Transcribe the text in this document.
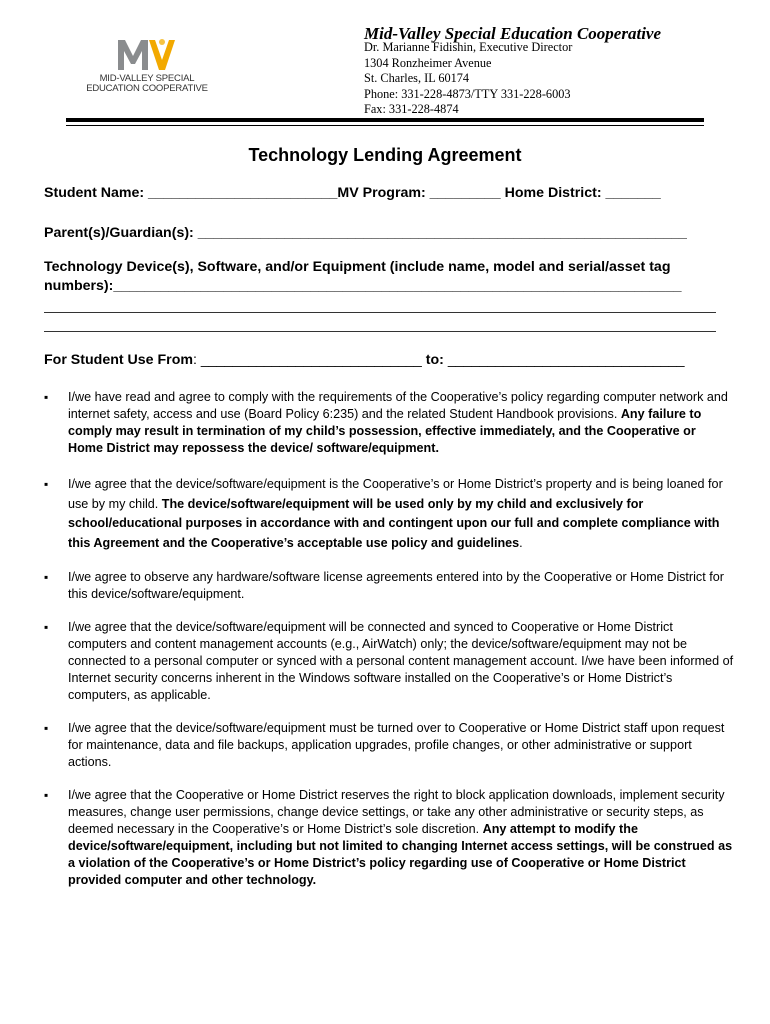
MID-VALLEY SPECIAL
EDUCATION COOPERATIVE
Mid-Valley Special Education Cooperative
Dr. Marianne Fidishin, Executive Director
1304 Ronzheimer Avenue
St. Charles, IL 60174
Phone: 331-228-4873/TTY 331-228-6003
Fax: 331-228-4874
Technology Lending Agreement
Student Name: ________________________MV Program: _________ Home District: _______
Parent(s)/Guardian(s): ______________________________________________________________
Technology Device(s), Software, and/or Equipment (include name, model and serial/asset tag
numbers):________________________________________________________________________
For Student Use From: ____________________________ to: ______________________________
▪ I/we have read and agree to comply with the requirements of the Cooperative’s policy regarding computer network and internet safety, access and use (Board Policy 6:235) and the related Student Handbook provisions. Any failure to comply may result in termination of my child’s possession, effective immediately, and the Cooperative or Home District may repossess the device/ software/equipment.
▪ I/we agree that the device/software/equipment is the Cooperative’s or Home District’s property and is being loaned for use by my child. The device/software/equipment will be used only by my child and exclusively for school/educational purposes in accordance with and contingent upon our full and complete compliance with this Agreement and the Cooperative’s acceptable use policy and guidelines.
▪ I/we agree to observe any hardware/software license agreements entered into by the Cooperative or Home District for this device/software/equipment.
▪ I/we agree that the device/software/equipment will be connected and synced to Cooperative or Home District computers and content management accounts (e.g., AirWatch) only; the device/software/equipment may not be connected to a personal computer or synced with a personal content management account. I/we have been informed of Internet security concerns inherent in the Windows software installed on the Cooperative’s or Home District’s computers, as applicable.
▪ I/we agree that the device/software/equipment must be turned over to Cooperative or Home District staff upon request for maintenance, data and file backups, application upgrades, profile changes, or other administrative or support actions.
▪ I/we agree that the Cooperative or Home District reserves the right to block application downloads, implement security measures, change user permissions, change device settings, or take any other administrative or security steps, as deemed necessary in the Cooperative’s or Home District’s sole discretion. Any attempt to modify the device/software/equipment, including but not limited to changing Internet access settings, will be construed as a violation of the Cooperative’s or Home District’s policy regarding use of Cooperative or Home District provided computer and other technology.
